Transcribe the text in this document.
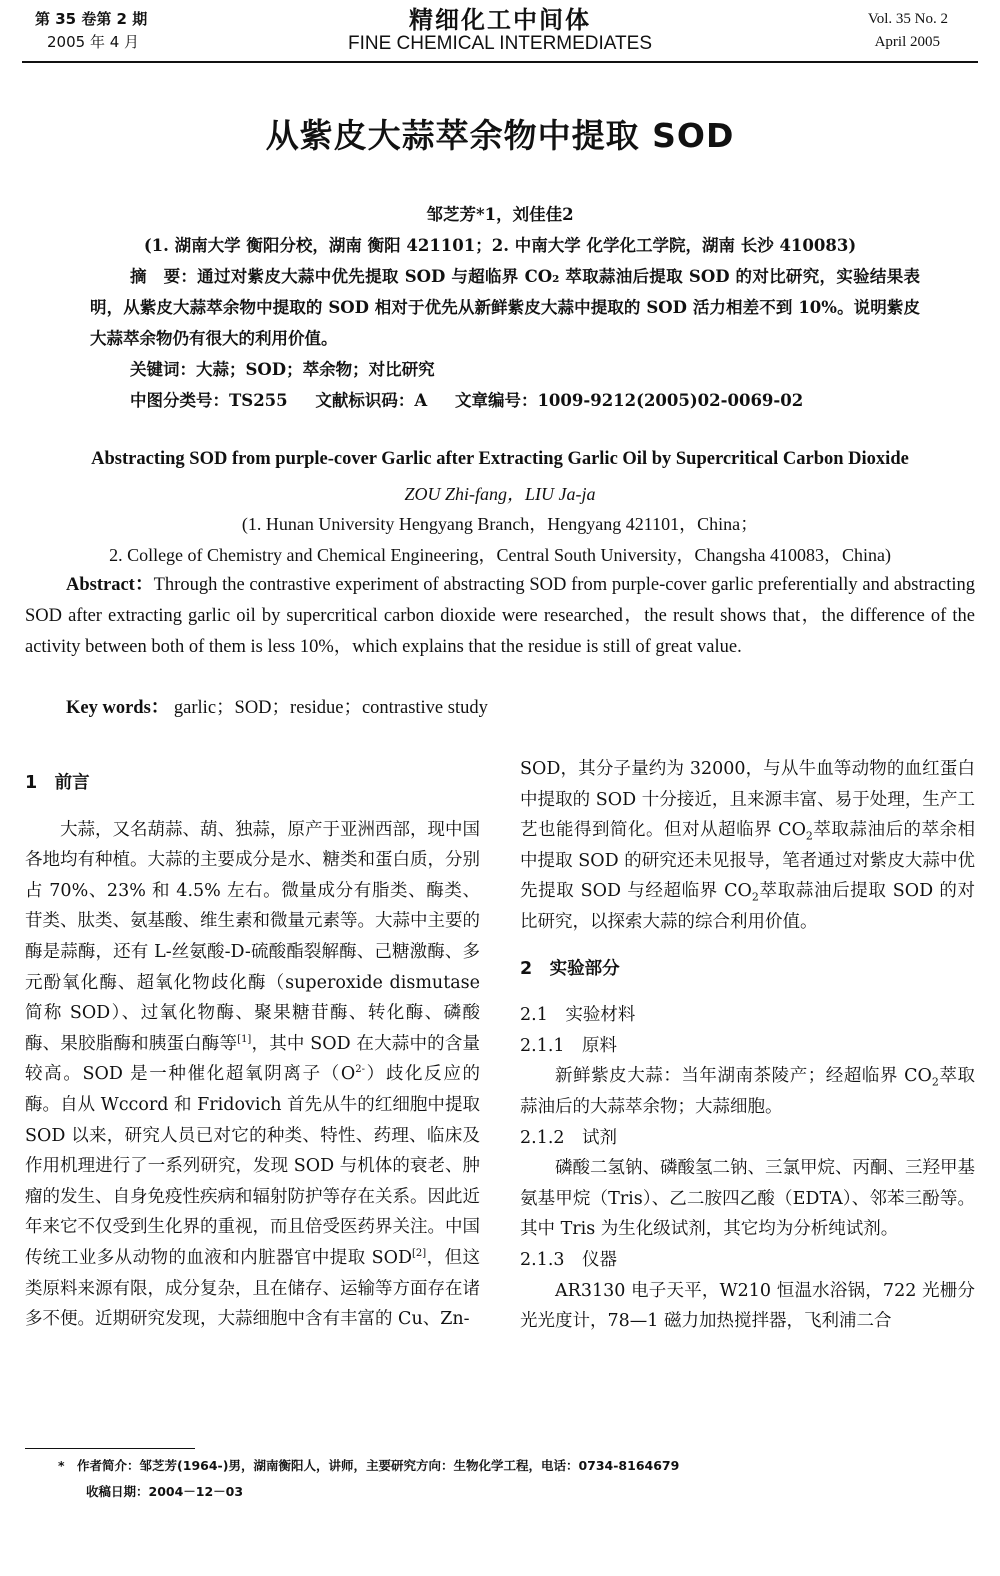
第 35 卷第 2 期
2005 年 4 月
精细化工中间体
FINE CHEMICAL INTERMEDIATES
Vol. 35 No. 2
April 2005
从紫皮大蒜萃余物中提取 SOD
邹芝芳*1，刘佳佳2
(1. 湖南大学 衡阳分校，湖南 衡阳 421101；2. 中南大学 化学化工学院，湖南 长沙 410083)
摘　要：通过对紫皮大蒜中优先提取 SOD 与超临界 CO₂ 萃取蒜油后提取 SOD 的对比研究，实验结果表明，从紫皮大蒜萃余物中提取的 SOD 相对于优先从新鲜紫皮大蒜中提取的 SOD 活力相差不到 10%。说明紫皮大蒜萃余物仍有很大的利用价值。
关键词：大蒜；SOD；萃余物；对比研究
中图分类号：TS255 文献标识码：A 文章编号：1009-9212(2005)02-0069-02
Abstracting SOD from purple-cover Garlic after Extracting Garlic Oil by Supercritical Carbon Dioxide
ZOU Zhi-fang，LIU Ja-ja
(1. Hunan University Hengyang Branch，Hengyang 421101，China；
2. College of Chemistry and Chemical Engineering，Central South University，Changsha 410083，China)
Abstract：Through the contrastive experiment of abstracting SOD from purple-cover garlic preferentially and abstracting SOD after extracting garlic oil by supercritical carbon dioxide were researched，the result shows that，the difference of the activity between both of them is less 10%，which explains that the residue is still of great value.
Key words： garlic；SOD；residue；contrastive study
1　前言

大蒜，又名葫蒜、葫、独蒜，原产于亚洲西部，现中国各地均有种植。大蒜的主要成分是水、糖类和蛋白质，分别占 70%、23% 和 4.5% 左右。微量成分有脂类、酶类、苷类、肽类、氨基酸、维生素和微量元素等。大蒜中主要的酶是蒜酶，还有 L-丝氨酸-D-硫酸酯裂解酶、己糖激酶、多元酚氧化酶、超氧化物歧化酶（superoxide dismutase 简称 SOD）、过氧化物酶、聚果糖苷酶、转化酶、磷酸酶、果胶脂酶和胰蛋白酶等[1]，其中 SOD 在大蒜中的含量较高。SOD 是一种催化超氧阴离子$(O^{2-})$歧化反应的酶。自从 Wccord 和 Fridovich 首先从牛的红细胞中提取 SOD 以来，研究人员已对它的种类、特性、药理、临床及作用机理进行了一系列研究，发现 SOD 与机体的衰老、肿瘤的发生、自身免疫性疾病和辐射防护等存在关系。因此近年来它不仅受到生化界的重视，而且倍受医药界关注。中国传统工业多从动物的血液和内脏器官中提取 SOD[2]，但这类原料来源有限，成分复杂，且在储存、运输等方面存在诸多不便。近期研究发现，大蒜细胞中含有丰富的 Cu、Zn-

SOD，其分子量约为 32000，与从牛血等动物的血红蛋白中提取的 SOD 十分接近，且来源丰富、易于处理，生产工艺也能得到简化。但对从超临界 $CO_2$萃取蒜油后的萃余相中提取 SOD 的研究还未见报导，笔者通过对紫皮大蒜中优先提取 SOD 与经超临界 $CO_2$萃取蒜油后提取 SOD 的对比研究，以探索大蒜的综合利用价值。

2　实验部分
2.1　实验材料
2.1.1　原料

新鲜紫皮大蒜：当年湖南茶陵产；经超临界 $CO_2$萃取蒜油后的大蒜萃余物；大蒜细胞。

2.1.2　试剂

磷酸二氢钠、磷酸氢二钠、三氯甲烷、丙酮、三羟甲基氨基甲烷（Tris）、乙二胺四乙酸（EDTA）、邻苯三酚等。其中 Tris 为生化级试剂，其它均为分析纯试剂。

2.1.3　仪器

AR3130 电子天平，W210 恒温水浴锅，722 光栅分光光度计，78—1 磁力加热搅拌器，飞利浦二合

*　作者简介：邹芝芳(1964-)男，湖南衡阳人，讲师，主要研究方向：生物化学工程，电话：0734-8164679
收稿日期：2004－12－03
